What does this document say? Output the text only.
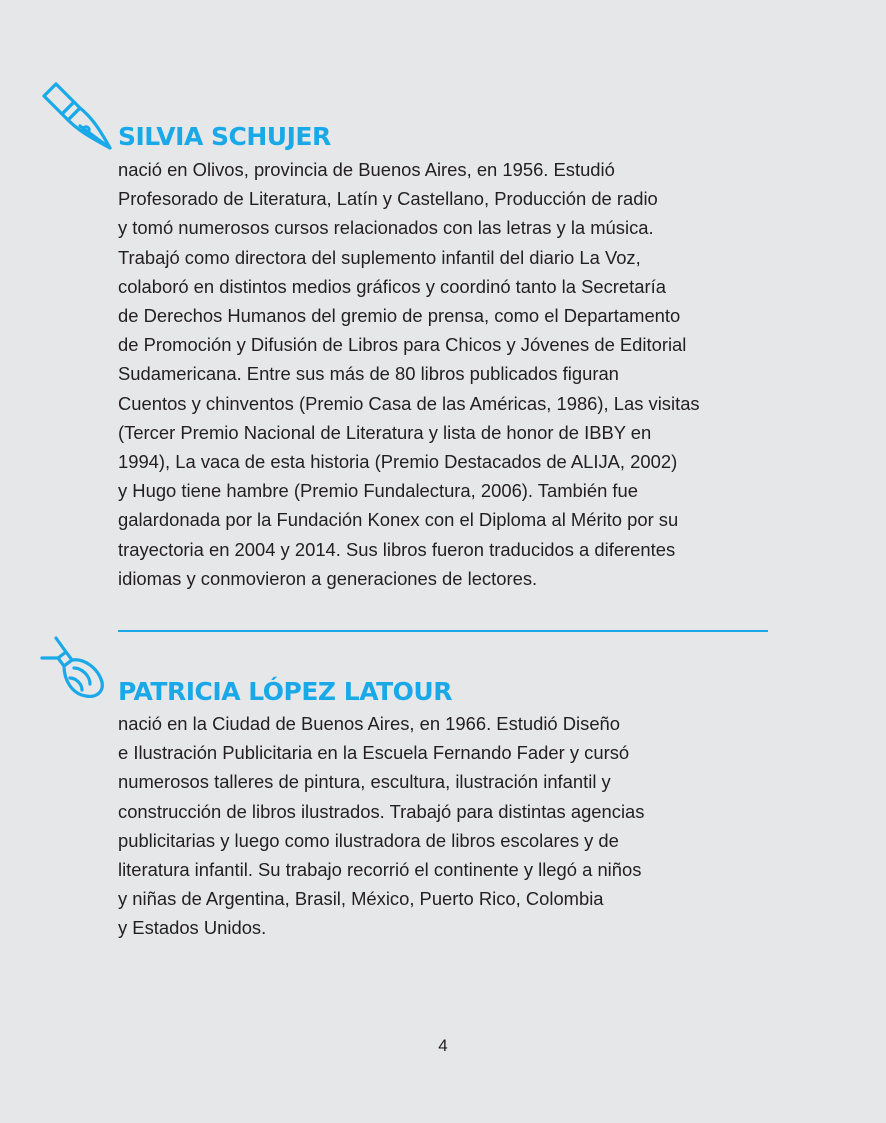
SILVIA SCHUJER

nació en Olivos, provincia de Buenos Aires, en 1956. Estudió
Profesorado de Literatura, Latín y Castellano, Producción de radio
y tomó numerosos cursos relacionados con las letras y la música.
Trabajó como directora del suplemento infantil del diario La Voz,
colaboró en distintos medios gráficos y coordinó tanto la Secretaría
de Derechos Humanos del gremio de prensa, como el Departamento
de Promoción y Difusión de Libros para Chicos y Jóvenes de Editorial
Sudamericana. Entre sus más de 80 libros publicados figuran
Cuentos y chinventos (Premio Casa de las Américas, 1986), Las visitas
(Tercer Premio Nacional de Literatura y lista de honor de IBBY en
1994), La vaca de esta historia (Premio Destacados de ALIJA, 2002)
y Hugo tiene hambre (Premio Fundalectura, 2006). También fue
galardonada por la Fundación Konex con el Diploma al Mérito por su
trayectoria en 2004 y 2014. Sus libros fueron traducidos a diferentes
idiomas y conmovieron a generaciones de lectores.

PATRICIA LÓPEZ LATOUR

nació en la Ciudad de Buenos Aires, en 1966. Estudió Diseño
e Ilustración Publicitaria en la Escuela Fernando Fader y cursó
numerosos talleres de pintura, escultura, ilustración infantil y
construcción de libros ilustrados. Trabajó para distintas agencias
publicitarias y luego como ilustradora de libros escolares y de
literatura infantil. Su trabajo recorrió el continente y llegó a niños
y niñas de Argentina, Brasil, México, Puerto Rico, Colombia
y Estados Unidos.

4
